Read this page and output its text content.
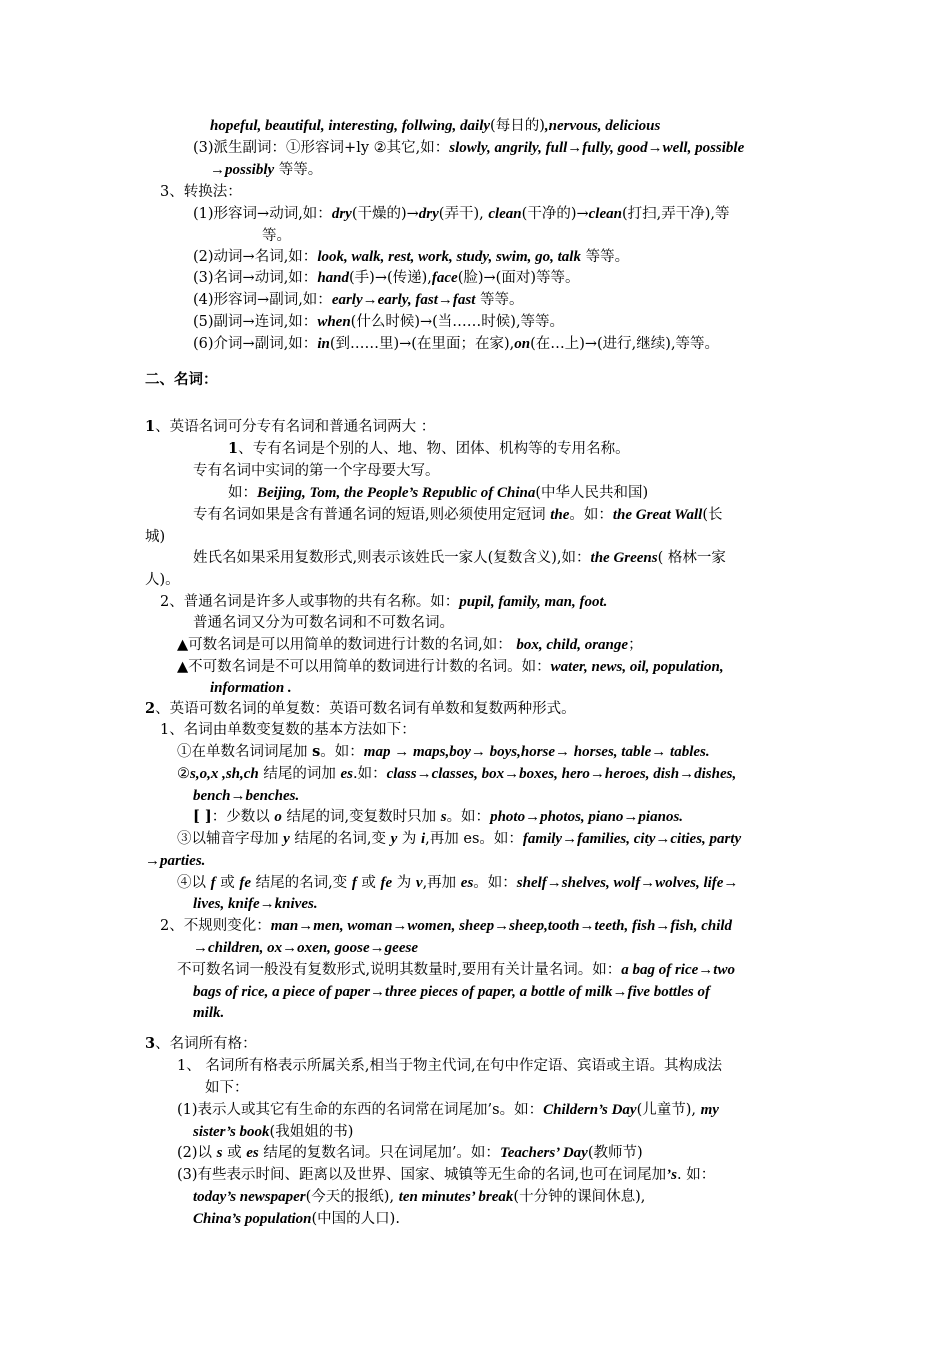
hopeful, beautiful, interesting, follwing, daily(每日的),nervous, delicious
(3)派生副词：①形容词+ly ②其它,如：slowly, angrily, full→fully, good→well, possible
→possibly 等等。
3、转换法：
(1)形容词→动词,如：dry(干燥的)→dry(弄干), clean(干净的)→clean(打扫,弄干净),等
等。
(2)动词→名词,如：look, walk, rest, work, study, swim, go, talk 等等。
(3)名词→动词,如：hand(手)→(传递),face(脸)→(面对)等等。
(4)形容词→副词,如：early→early, fast→fast 等等。
(5)副词→连词,如：when(什么时候)→(当……时候),等等。
(6)介词→副词,如：in(到……里)→(在里面；在家),on(在…上)→(进行,继续),等等。
二、名词：
1、英语名词可分专有名词和普通名词两大 ：
1、专有名词是个别的人、地、物、团体、机构等的专用名称。
专有名词中实词的第一个字母要大写。
如：Beijing, Tom, the People’s Republic of China(中华人民共和国)
专有名词如果是含有普通名词的短语,则必须使用定冠词 the。如：the Great Wall(长
城)
姓氏名如果采用复数形式,则表示该姓氏一家人(复数含义),如：the Greens( 格林一家
人)。
2、普通名词是许多人或事物的共有名称。如：pupil, family, man, foot.
普通名词又分为可数名词和不可数名词。
▲可数名词是可以用简单的数词进行计数的名词,如： box, child, orange；
▲不可数名词是不可以用简单的数词进行计数的名词。如：water, news, oil, population,
information .
2、英语可数名词的单复数：英语可数名词有单数和复数两种形式。
1、名词由单数变复数的基本方法如下：
①在单数名词词尾加 s。如：map → maps,boy→ boys,horse→ horses, table→ tables.
②s,o,x ,sh,ch 结尾的词加 es.如：class→classes, box→boxes, hero→heroes, dish→dishes,
bench→benches.
[ ]：少数以 o 结尾的词,变复数时只加 s。如：photo→photos, piano→pianos.
③以辅音字母加 y 结尾的名词,变 y 为 i,再加 es。如：family→families, city→cities, party
→parties.
④以 f 或 fe 结尾的名词,变 f 或 fe 为 v,再加 es。如：shelf→shelves, wolf→wolves, life→
lives, knife→knives.
2、不规则变化：man→men, woman→women, sheep→sheep,tooth→teeth, fish→fish, child
→children, ox→oxen, goose→geese
不可数名词一般没有复数形式,说明其数量时,要用有关计量名词。如：a bag of rice→two
bags of rice, a piece of paper→three pieces of paper, a bottle of milk→five bottles of
milk.
3、名词所有格：
1、 名词所有格表示所属关系,相当于物主代词,在句中作定语、宾语或主语。其构成法
如下：
(1)表示人或其它有生命的东西的名词常在词尾加’s。如：Childern’s Day(儿童节), my
sister’s book(我姐姐的书)
(2)以 s 或 es 结尾的复数名词。只在词尾加’。如：Teachers’ Day(教师节)
(3)有些表示时间、距离以及世界、国家、城镇等无生命的名词,也可在词尾加’s. 如：
today’s newspaper(今天的报纸), ten minutes’ break(十分钟的课间休息),
China’s population(中国的人口).
